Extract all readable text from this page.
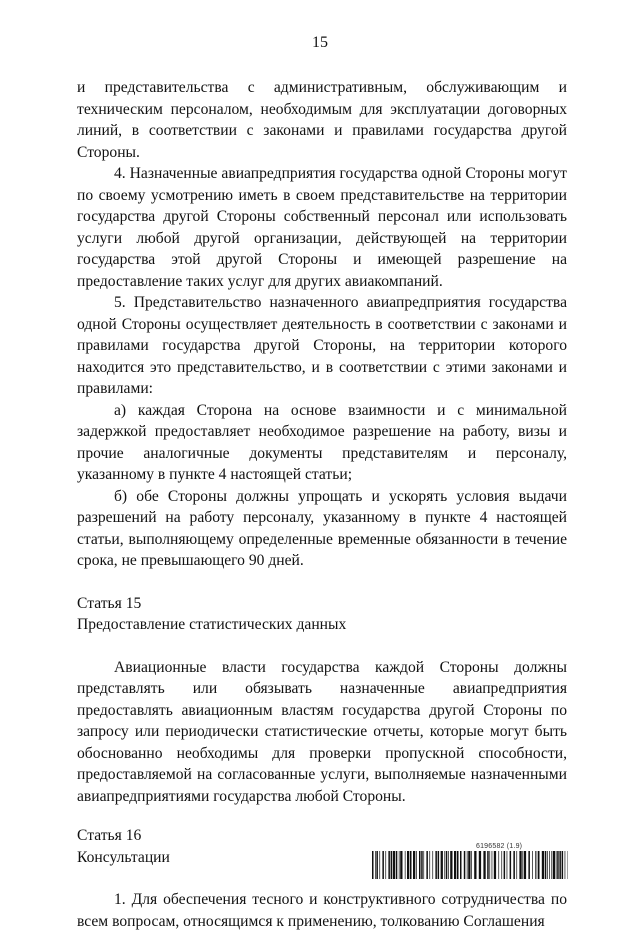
15

и представительства с административным, обслуживающим и техническим персоналом, необходимым для эксплуатации договорных линий, в соответствии с законами и правилами государства другой Стороны.

4. Назначенные авиапредприятия государства одной Стороны могут по своему усмотрению иметь в своем представительстве на территории государства другой Стороны собственный персонал или использовать услуги любой другой организации, действующей на территории государства этой другой Стороны и имеющей разрешение на предоставление таких услуг для других авиакомпаний.

5. Представительство назначенного авиапредприятия государства одной Стороны осуществляет деятельность в соответствии с законами и правилами государства другой Стороны, на территории которого находится это представительство, и в соответствии с этими законами и правилами:

а) каждая Сторона на основе взаимности и с минимальной задержкой предоставляет необходимое разрешение на работу, визы и прочие аналогичные документы представителям и персоналу, указанному в пункте 4 настоящей статьи;

б) обе Стороны должны упрощать и ускорять условия выдачи разрешений на работу персоналу, указанному в пункте 4 настоящей статьи, выполняющему определенные временные обязанности в течение срока, не превышающего 90 дней.

Статья 15

Предоставление статистических данных

Авиационные власти государства каждой Стороны должны представлять или обязывать назначенные авиапредприятия предоставлять авиационным властям государства другой Стороны по запросу или периодически статистические отчеты, которые могут быть обоснованно необходимы для проверки пропускной способности, предоставляемой на согласованные услуги, выполняемые назначенными авиапредприятиями государства любой Стороны.

Статья 16

Консультации

1. Для обеспечения тесного и конструктивного сотрудничества по всем вопросам, относящимся к применению, толкованию Соглашения

6196582 (1.9)
